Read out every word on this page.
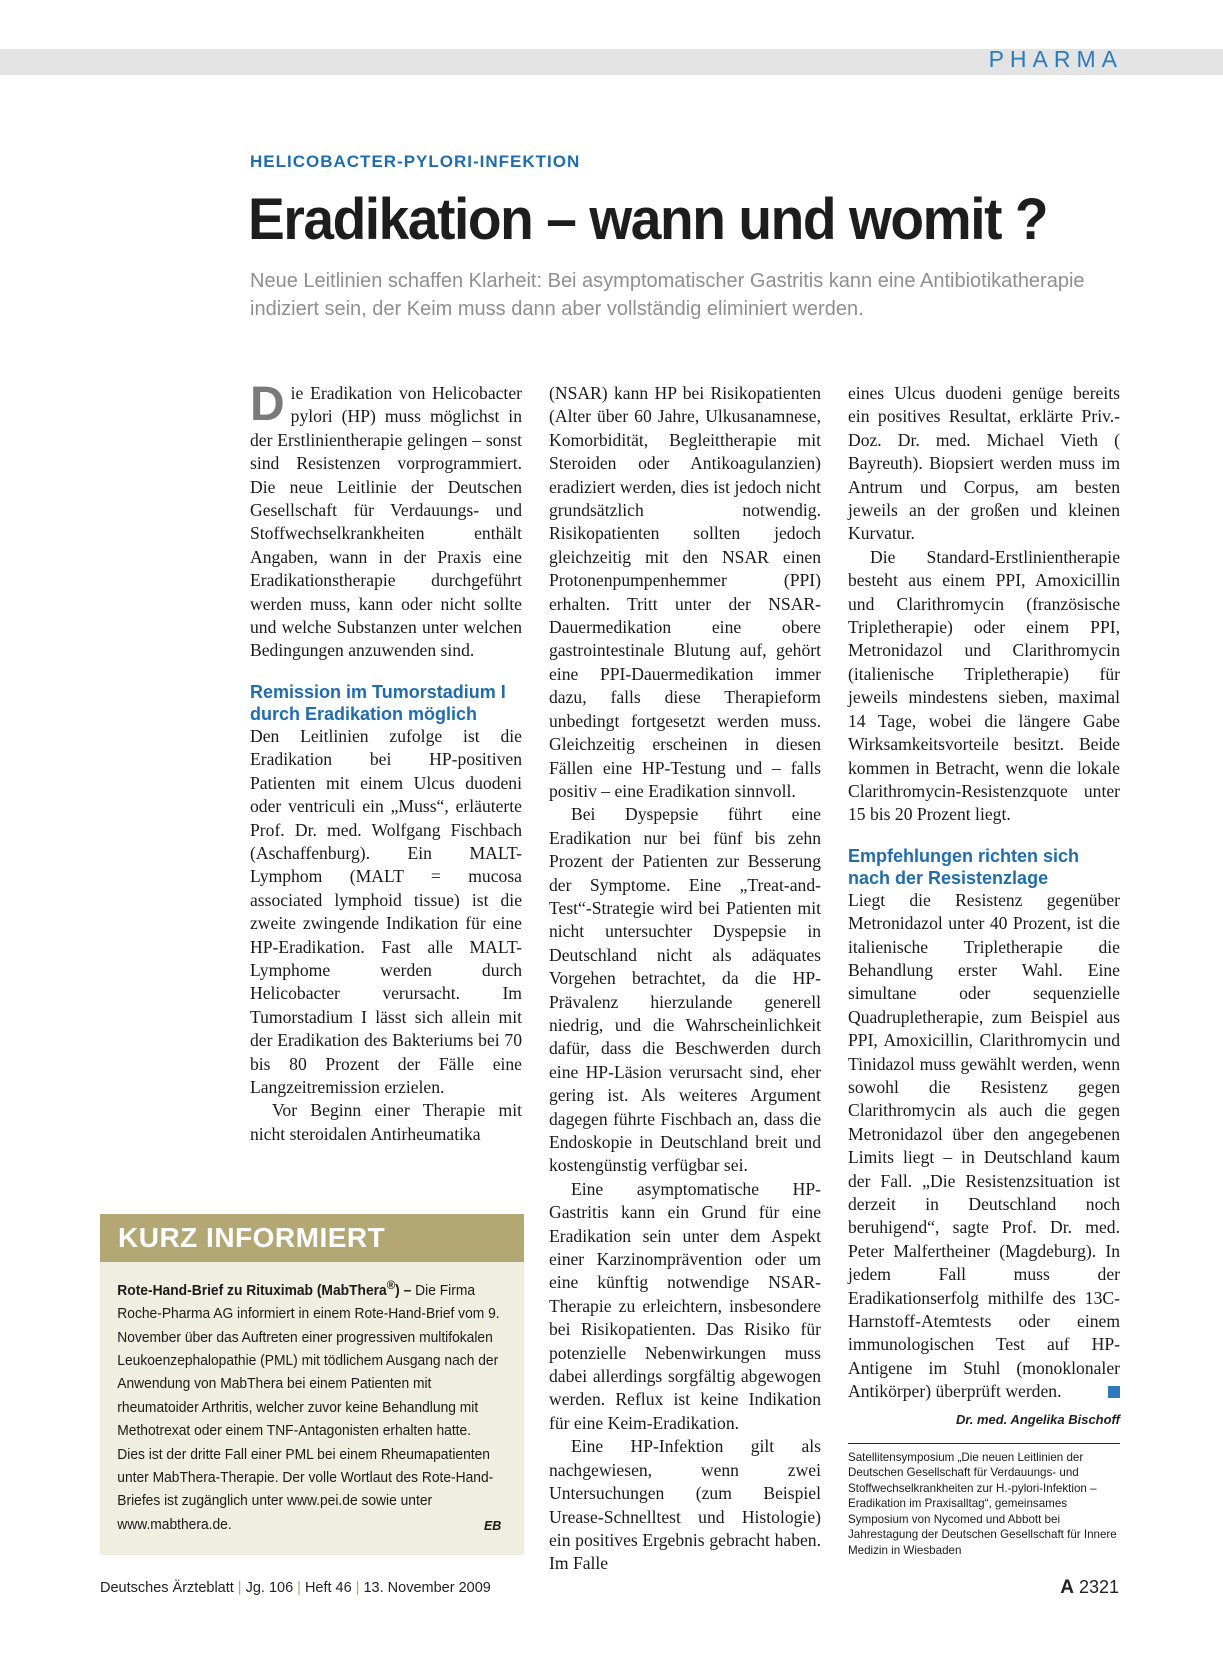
PHARMA
HELICOBACTER-PYLORI-INFEKTION
Eradikation – wann und womit ?

Neue Leitlinien schaffen Klarheit: Bei asymptomatischer Gastritis kann eine Antibiotikatherapie indiziert sein, der Keim muss dann aber vollständig eliminiert werden.

Die Eradikation von Helicobacter pylori (HP) muss möglichst in der Erstlinientherapie gelingen – sonst sind Resistenzen vorprogrammiert. Die neue Leitlinie der Deutschen Gesellschaft für Verdauungs- und Stoffwechselkrankheiten enthält Angaben, wann in der Praxis eine Eradikationstherapie durchgeführt werden muss, kann oder nicht sollte und welche Substanzen unter welchen Bedingungen anzuwenden sind.

Remission im Tumorstadium I durch Eradikation möglich

Den Leitlinien zufolge ist die Eradikation bei HP-positiven Patienten mit einem Ulcus duodeni oder ventriculi ein „Muss“, erläuterte Prof. Dr. med. Wolfgang Fischbach (Aschaffenburg). Ein MALT-Lymphom (MALT = mucosa associated lymphoid tissue) ist die zweite zwingende Indikation für eine HP-Eradikation. Fast alle MALT-Lymphome werden durch Helicobacter verursacht. Im Tumorstadium I lässt sich allein mit der Eradikation des Bakteriums bei 70 bis 80 Prozent der Fälle eine Langzeitremission erzielen.

Vor Beginn einer Therapie mit nicht steroidalen Antirheumatika

(NSAR) kann HP bei Risikopatienten (Alter über 60 Jahre, Ulkusanamnese, Komorbidität, Begleittherapie mit Steroiden oder Antikoagulanzien) eradiziert werden, dies ist jedoch nicht grundsätzlich notwendig. Risikopatienten sollten jedoch gleichzeitig mit den NSAR einen Protonenpumpenhemmer (PPI) erhalten. Tritt unter der NSAR-Dauermedikation eine obere gastrointestinale Blutung auf, gehört eine PPI-Dauermedikation immer dazu, falls diese Therapieform unbedingt fortgesetzt werden muss. Gleichzeitig erscheinen in diesen Fällen eine HP-Testung und – falls positiv – eine Eradikation sinnvoll.

Bei Dyspepsie führt eine Eradikation nur bei fünf bis zehn Prozent der Patienten zur Besserung der Symptome. Eine „Treat-and-Test“-Strategie wird bei Patienten mit nicht untersuchter Dyspepsie in Deutschland nicht als adäquates Vorgehen betrachtet, da die HP-Prävalenz hierzulande generell niedrig, und die Wahrscheinlichkeit dafür, dass die Beschwerden durch eine HP-Läsion verursacht sind, eher gering ist. Als weiteres Argument dagegen führte Fischbach an, dass die Endoskopie in Deutschland breit und kostengünstig verfügbar sei.

Eine asymptomatische HP-Gastritis kann ein Grund für eine Eradikation sein unter dem Aspekt einer Karzinomprävention oder um eine künftig notwendige NSAR-Therapie zu erleichtern, insbesondere bei Risikopatienten. Das Risiko für potenzielle Nebenwirkungen muss dabei allerdings sorgfältig abgewogen werden. Reflux ist keine Indikation für eine Keim-Eradikation.

Eine HP-Infektion gilt als nachgewiesen, wenn zwei Untersuchungen (zum Beispiel Urease-Schnelltest und Histologie) ein positives Ergebnis gebracht haben. Im Falle

eines Ulcus duodeni genüge bereits ein positives Resultat, erklärte Priv.-Doz. Dr. med. Michael Vieth ( Bayreuth). Biopsiert werden muss im Antrum und Corpus, am besten jeweils an der großen und kleinen Kurvatur.

Die Standard-Erstlinientherapie besteht aus einem PPI, Amoxicillin und Clarithromycin (französische Tripletherapie) oder einem PPI, Metronidazol und Clarithromycin (italienische Tripletherapie) für jeweils mindestens sieben, maximal 14 Tage, wobei die längere Gabe Wirksamkeitsvorteile besitzt. Beide kommen in Betracht, wenn die lokale Clarithromycin-Resistenzquote unter 15 bis 20 Prozent liegt.

Empfehlungen richten sich nach der Resistenzlage

Liegt die Resistenz gegenüber Metronidazol unter 40 Prozent, ist die italienische Tripletherapie die Behandlung erster Wahl. Eine simultane oder sequenzielle Quadrupletherapie, zum Beispiel aus PPI, Amoxicillin, Clarithromycin und Tinidazol muss gewählt werden, wenn sowohl die Resistenz gegen Clarithromycin als auch die gegen Metronidazol über den angegebenen Limits liegt – in Deutschland kaum der Fall. „Die Resistenzsituation ist derzeit in Deutschland noch beruhigend“, sagte Prof. Dr. med. Peter Malfertheiner (Magdeburg). In jedem Fall muss der Eradikationserfolg mithilfe des 13C-Harnstoff-Atemtests oder einem immunologischen Test auf HP-Antigene im Stuhl (monoklonaler Antikörper) überprüft werden.

Dr. med. Angelika Bischoff
Satellitensymposium „Die neuen Leitlinien der Deutschen Gesellschaft für Verdauungs- und Stoffwechselkrankheiten zur H.-pylori-Infektion – Eradikation im Praxisalltag“, gemeinsames Symposium von Nycomed und Abbott bei Jahrestagung der Deutschen Gesellschaft für Innere Medizin in Wiesbaden
KURZ INFORMIERT
Rote-Hand-Brief zu Rituximab (MabThera®) – Die Firma Roche-Pharma AG informiert in einem Rote-Hand-Brief vom 9. November über das Auftreten einer progressiven multifokalen Leukoenzephalopathie (PML) mit tödlichem Ausgang nach der Anwendung von MabThera bei einem Patienten mit rheumatoider Arthritis, welcher zuvor keine Behandlung mit Methotrexat oder einem TNF-Antagonisten erhalten hatte. Dies ist der dritte Fall einer PML bei einem Rheumapatienten unter MabThera-Therapie. Der volle Wortlaut des Rote-Hand-Briefes ist zugänglich unter www.pei.de sowie unter www.mabthera.de.	EB
Deutsches Ärzteblatt | Jg. 106 | Heft 46 | 13. November 2009	A 2321
